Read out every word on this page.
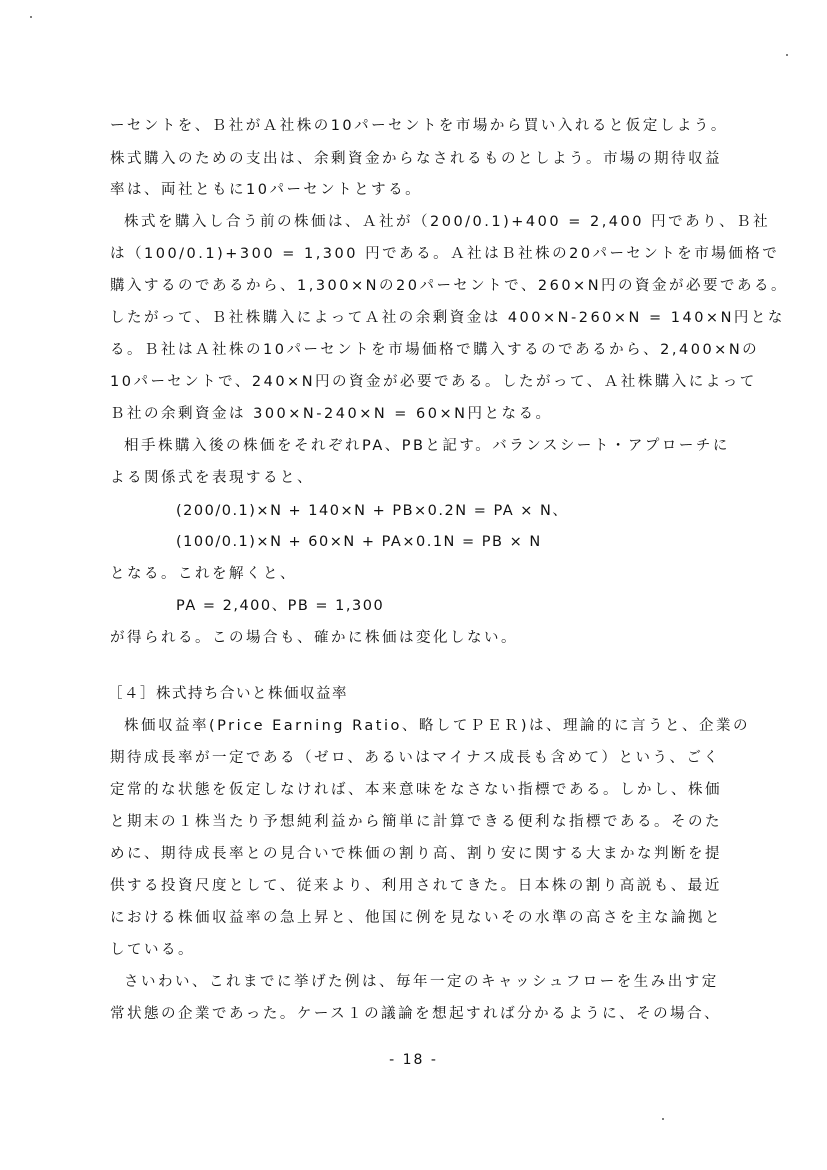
ーセントを、Ｂ社がＡ社株の10パーセントを市場から買い入れると仮定しよう。
株式購入のための支出は、余剰資金からなされるものとしよう。市場の期待収益
率は、両社ともに10パーセントとする。
株式を購入し合う前の株価は、Ａ社が（200/0.1)+400 = 2,400 円であり、Ｂ社
は（100/0.1)+300 = 1,300 円である。Ａ社はＢ社株の20パーセントを市場価格で
購入するのであるから、1,300×Nの20パーセントで、260×N円の資金が必要である。
したがって、Ｂ社株購入によってＡ社の余剰資金は 400×N-260×N = 140×N円とな
る。Ｂ社はＡ社株の10パーセントを市場価格で購入するのであるから、2,400×Nの
10パーセントで、240×N円の資金が必要である。したがって、Ａ社株購入によって
Ｂ社の余剰資金は 300×N-240×N = 60×N円となる。
相手株購入後の株価をそれぞれPA、PBと記す。バランスシート・アプローチに
よる関係式を表現すると、
(200/0.1)×N + 140×N + PB×0.2N = PA × N、
(100/0.1)×N + 60×N + PA×0.1N = PB × N
となる。これを解くと、
PA = 2,400、PB = 1,300
が得られる。この場合も、確かに株価は変化しない。
［４］株式持ち合いと株価収益率
株価収益率(Price Earning Ratio、略してＰＥＲ)は、理論的に言うと、企業の
期待成長率が一定である（ゼロ、あるいはマイナス成長も含めて）という、ごく
定常的な状態を仮定しなければ、本来意味をなさない指標である。しかし、株価
と期末の１株当たり予想純利益から簡単に計算できる便利な指標である。そのた
めに、期待成長率との見合いで株価の割り高、割り安に関する大まかな判断を提
供する投資尺度として、従来より、利用されてきた。日本株の割り高説も、最近
における株価収益率の急上昇と、他国に例を見ないその水準の高さを主な論拠と
している。
さいわい、これまでに挙げた例は、毎年一定のキャッシュフローを生み出す定
常状態の企業であった。ケース１の議論を想起すれば分かるように、その場合、
- 18 -
